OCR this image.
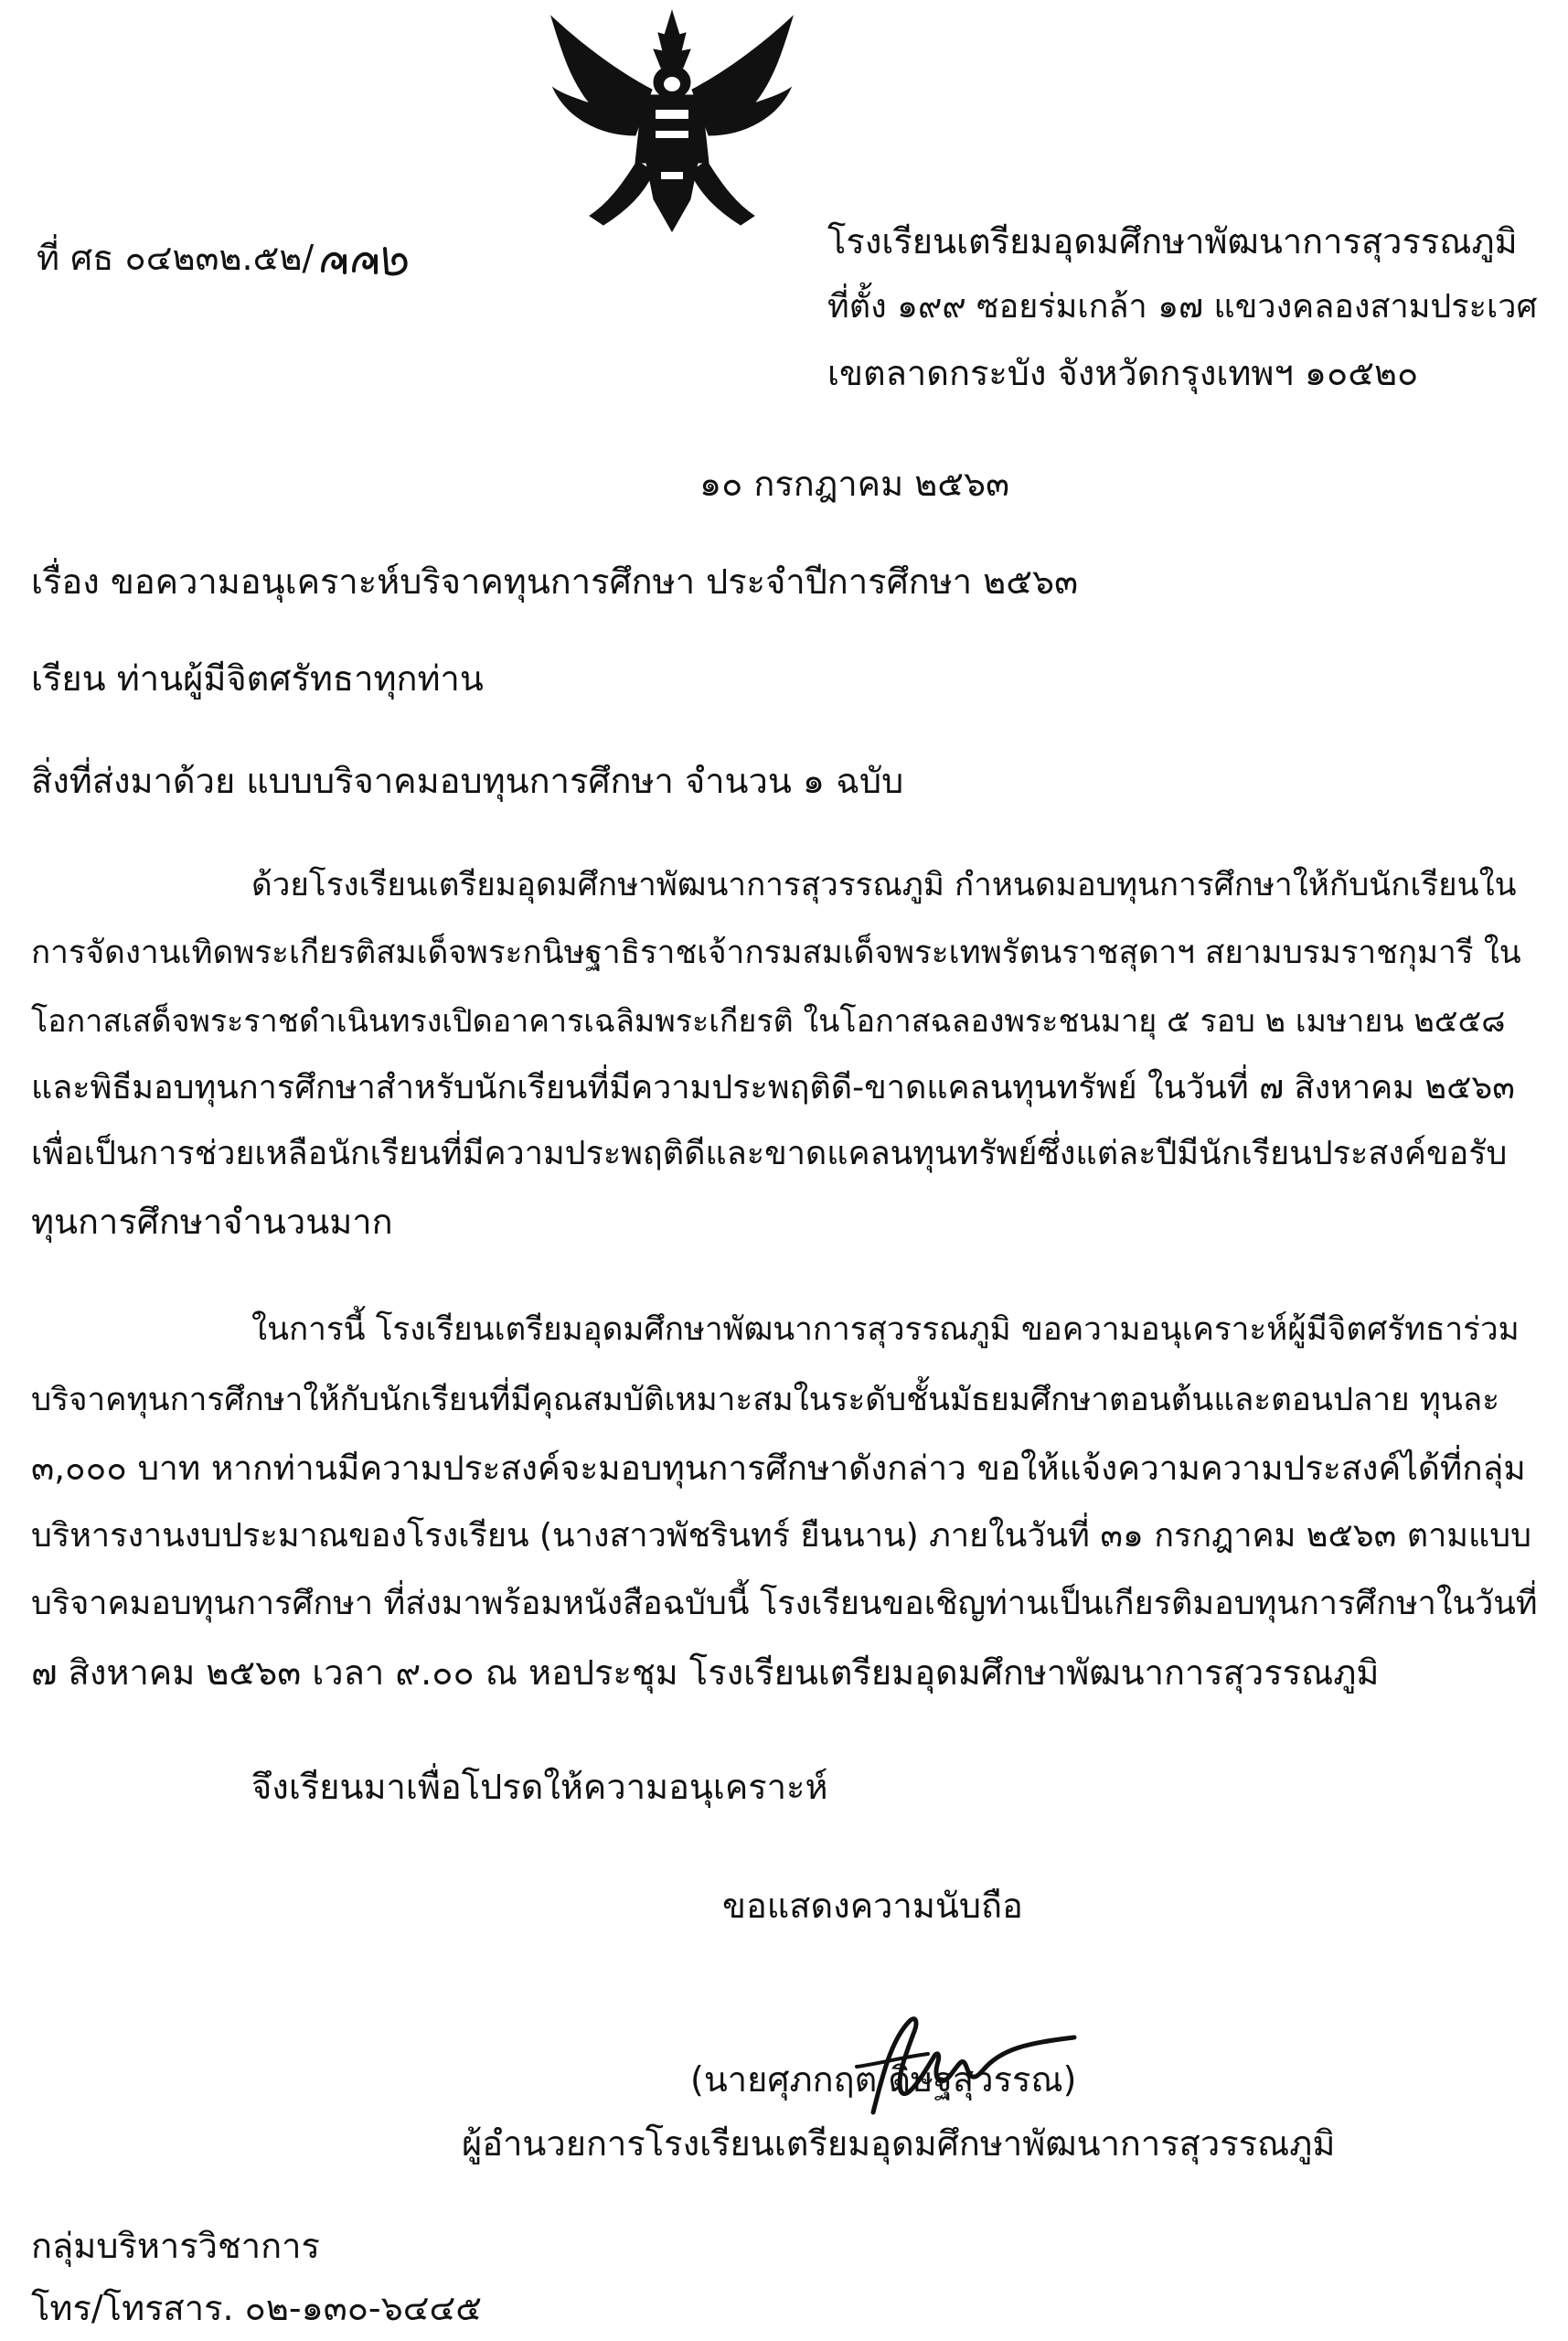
ที่ ศธ ๐๔๒๓๒.๕๒/	โรงเรียนเตรียมอุดมศึกษาพัฒนาการสุวรรณภูมิ
ที่ตั้ง ๑๙๙ ซอยร่มเกล้า ๑๗ แขวงคลองสามประเวศ
เขตลาดกระบัง จังหวัดกรุงเทพฯ ๑๐๕๒๐
๑๐ กรกฎาคม ๒๕๖๓
เรื่อง ขอความอนุเคราะห์บริจาคทุนการศึกษา ประจำปีการศึกษา ๒๕๖๓
เรียน ท่านผู้มีจิตศรัทธาทุกท่าน
สิ่งที่ส่งมาด้วย แบบบริจาคมอบทุนการศึกษา จำนวน ๑ ฉบับ
ด้วยโรงเรียนเตรียมอุดมศึกษาพัฒนาการสุวรรณภูมิ กำหนดมอบทุนการศึกษาให้กับนักเรียนใน
การจัดงานเทิดพระเกียรติสมเด็จพระกนิษฐาธิราชเจ้ากรมสมเด็จพระเทพรัตนราชสุดาฯ สยามบรมราชกุมารี ใน
โอกาสเสด็จพระราชดำเนินทรงเปิดอาคารเฉลิมพระเกียรติ ในโอกาสฉลองพระชนมายุ ๕ รอบ ๒ เมษายน ๒๕๕๘
และพิธีมอบทุนการศึกษาสำหรับนักเรียนที่มีความประพฤติดี-ขาดแคลนทุนทรัพย์ ในวันที่ ๗ สิงหาคม ๒๕๖๓
เพื่อเป็นการช่วยเหลือนักเรียนที่มีความประพฤติดีและขาดแคลนทุนทรัพย์ซึ่งแต่ละปีมีนักเรียนประสงค์ขอรับ
ทุนการศึกษาจำนวนมาก
ในการนี้ โรงเรียนเตรียมอุดมศึกษาพัฒนาการสุวรรณภูมิ ขอความอนุเคราะห์ผู้มีจิตศรัทธาร่วม
บริจาคทุนการศึกษาให้กับนักเรียนที่มีคุณสมบัติเหมาะสมในระดับชั้นมัธยมศึกษาตอนต้นและตอนปลาย ทุนละ
๓,๐๐๐ บาท หากท่านมีความประสงค์จะมอบทุนการศึกษาดังกล่าว ขอให้แจ้งความความประสงค์ได้ที่กลุ่ม
บริหารงานงบประมาณของโรงเรียน (นางสาวพัชรินทร์ ยืนนาน) ภายในวันที่ ๓๑ กรกฎาคม ๒๕๖๓ ตามแบบ
บริจาคมอบทุนการศึกษา ที่ส่งมาพร้อมหนังสือฉบับนี้ โรงเรียนขอเชิญท่านเป็นเกียรติมอบทุนการศึกษาในวันที่
๗ สิงหาคม ๒๕๖๓ เวลา ๙.๐๐ ณ หอประชุม โรงเรียนเตรียมอุดมศึกษาพัฒนาการสุวรรณภูมิ
จึงเรียนมาเพื่อโปรดให้ความอนุเคราะห์
ขอแสดงความนับถือ
(นายศุภกฤต ดิษฐสุวรรณ)
ผู้อำนวยการโรงเรียนเตรียมอุดมศึกษาพัฒนาการสุวรรณภูมิ
กลุ่มบริหารวิชาการ
โทร/โทรสาร. ๐๒-๑๓๐-๖๔๔๕
